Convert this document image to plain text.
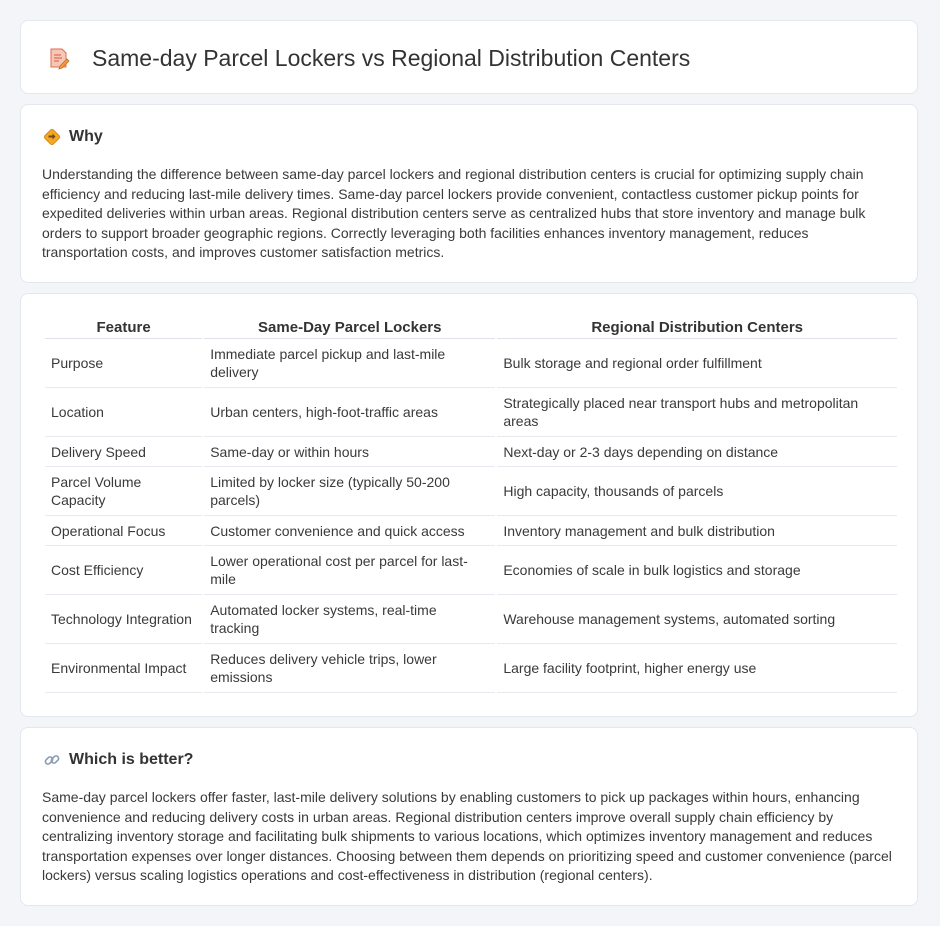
Same-day Parcel Lockers vs Regional Distribution Centers
Why

Understanding the difference between same-day parcel lockers and regional distribution centers is crucial for optimizing supply chain efficiency and reducing last-mile delivery times. Same-day parcel lockers provide convenient, contactless customer pickup points for expedited deliveries within urban areas. Regional distribution centers serve as centralized hubs that store inventory and manage bulk orders to support broader geographic regions. Correctly leveraging both facilities enhances inventory management, reduces transportation costs, and improves customer satisfaction metrics.

Feature	Same-Day Parcel Lockers	Regional Distribution Centers
Purpose	Immediate parcel pickup and last-mile delivery	Bulk storage and regional order fulfillment
Location	Urban centers, high-foot-traffic areas	Strategically placed near transport hubs and metropolitan areas
Delivery Speed	Same-day or within hours	Next-day or 2-3 days depending on distance
Parcel Volume Capacity	Limited by locker size (typically 50-200 parcels)	High capacity, thousands of parcels
Operational Focus	Customer convenience and quick access	Inventory management and bulk distribution
Cost Efficiency	Lower operational cost per parcel for last-mile	Economies of scale in bulk logistics and storage
Technology Integration	Automated locker systems, real-time tracking	Warehouse management systems, automated sorting
Environmental Impact	Reduces delivery vehicle trips, lower emissions	Large facility footprint, higher energy use
Which is better?

Same-day parcel lockers offer faster, last-mile delivery solutions by enabling customers to pick up packages within hours, enhancing convenience and reducing delivery costs in urban areas. Regional distribution centers improve overall supply chain efficiency by centralizing inventory storage and facilitating bulk shipments to various locations, which optimizes inventory management and reduces transportation expenses over longer distances. Choosing between them depends on prioritizing speed and customer convenience (parcel lockers) versus scaling logistics operations and cost-effectiveness in distribution (regional centers).
